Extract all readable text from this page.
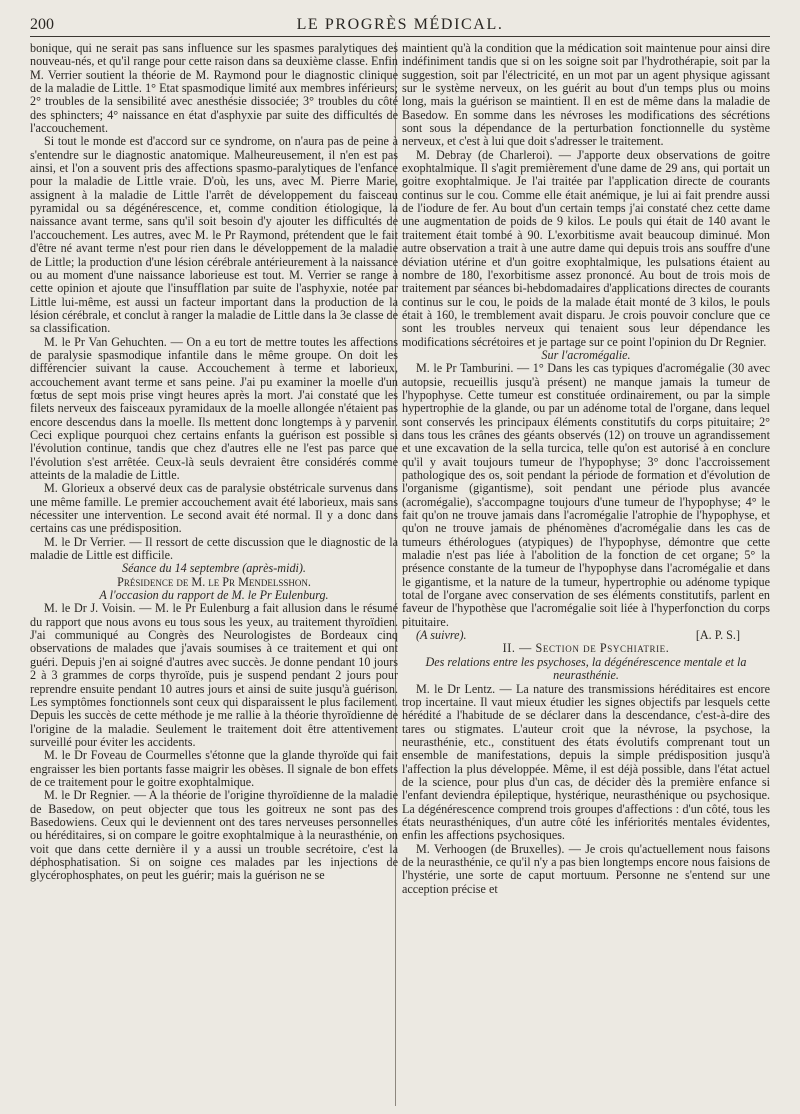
200	LE PROGRÈS MÉDICAL.

bonique, qui ne serait pas sans influence sur les spasmes paralytiques des nouveau-nés, et qu'il range pour cette raison dans sa deuxième classe. Enfin M. Verrier soutient la théorie de M. Raymond pour le diagnostic clinique de la maladie de Little. 1° Etat spasmodique limité aux membres inférieurs; 2° troubles de la sensibilité avec anesthésie dissociée; 3° troubles du côté des sphincters; 4° naissance en état d'asphyxie par suite des difficultés de l'accouchement.

Si tout le monde est d'accord sur ce syndrome, on n'aura pas de peine à s'entendre sur le diagnostic anatomique. Malheureusement, il n'en est pas ainsi, et l'on a souvent pris des affections spasmo-paralytiques de l'enfance pour la maladie de Little vraie. D'où, les uns, avec M. Pierre Marie, assignent à la maladie de Little l'arrêt de développement du faisceau pyramidal ou sa dégénérescence, et, comme condition étiologique, la naissance avant terme, sans qu'il soit besoin d'y ajouter les difficultés de l'accouchement. Les autres, avec M. le Pr Raymond, prétendent que le fait d'être né avant terme n'est pour rien dans le développement de la maladie de Little; la production d'une lésion cérébrale antérieurement à la naissance ou au moment d'une naissance laborieuse est tout. M. Verrier se range à cette opinion et ajoute que l'insufflation par suite de l'asphyxie, notée par Little lui-même, est aussi un facteur important dans la production de la lésion cérébrale, et conclut à ranger la maladie de Little dans la 3e classe de sa classification.

M. le Pr Van Gehuchten. — On a eu tort de mettre toutes les affections de paralysie spasmodique infantile dans le même groupe. On doit les différencier suivant la cause. Accouchement à terme et laborieux, accouchement avant terme et sans peine. J'ai pu examiner la moelle d'un fœtus de sept mois prise vingt heures après la mort. J'ai constaté que les filets nerveux des faisceaux pyramidaux de la moelle allongée n'étaient pas encore descendus dans la moelle. Ils mettent donc longtemps à y parvenir. Ceci explique pourquoi chez certains enfants la guérison est possible si l'évolution continue, tandis que chez d'autres elle ne l'est pas parce que l'évolution s'est arrêtée. Ceux-là seuls devraient être considérés comme atteints de la maladie de Little.

M. Glorieux a observé deux cas de paralysie obstétricale survenus dans une même famille. Le premier accouchement avait été laborieux, mais sans nécessiter une intervention. Le second avait été normal. Il y a donc dans certains cas une prédisposition.

M. le Dr Verrier. — Il ressort de cette discussion que le diagnostic de la maladie de Little est difficile.

Séance du 14 septembre (après-midi).

Présidence de M. le Pr Mendelsshon.

A l'occasion du rapport de M. le Pr Eulenburg.

M. le Dr J. Voisin. — M. le Pr Eulenburg a fait allusion dans le résumé du rapport que nous avons eu tous sous les yeux, au traitement thyroïdien. J'ai communiqué au Congrès des Neurologistes de Bordeaux cinq observations de malades que j'avais soumises à ce traitement et qui ont guéri. Depuis j'en ai soigné d'autres avec succès. Je donne pendant 10 jours 2 à 3 grammes de corps thyroïde, puis je suspend pendant 2 jours pour reprendre ensuite pendant 10 autres jours et ainsi de suite jusqu'à guérison. Les symptômes fonctionnels sont ceux qui disparaissent le plus facilement. Depuis les succès de cette méthode je me rallie à la théorie thyroïdienne de l'origine de la maladie. Seulement le traitement doit être attentivement surveillé pour éviter les accidents.

M. le Dr Foveau de Courmelles s'étonne que la glande thyroïde qui fait engraisser les bien portants fasse maigrir les obèses. Il signale de bon effets de ce traitement pour le goitre exophtalmique.

M. le Dr Regnier. — A la théorie de l'origine thyroïdienne de la maladie de Basedow, on peut objecter que tous les goitreux ne sont pas des Basedowiens. Ceux qui le deviennent ont des tares nerveuses personnelles ou héréditaires, si on compare le goitre exophtalmique à la neurasthénie, on voit que dans cette dernière il y a aussi un trouble secrétoire, c'est la déphosphatisation. Si on soigne ces malades par les injections de glycérophosphates, on peut les guérir; mais la guérison ne se

maintient qu'à la condition que la médication soit maintenue pour ainsi dire indéfiniment tandis que si on les soigne soit par l'hydrothérapie, soit par la suggestion, soit par l'électricité, en un mot par un agent physique agissant sur le système nerveux, on les guérit au bout d'un temps plus ou moins long, mais la guérison se maintient. Il en est de même dans la maladie de Basedow. En somme dans les névroses les modifications des sécrétions sont sous la dépendance de la perturbation fonctionnelle du système nerveux, et c'est à lui que doit s'adresser le traitement.

M. Debray (de Charleroi). — J'apporte deux observations de goitre exophtalmique. Il s'agit premièrement d'une dame de 29 ans, qui portait un goitre exophtalmique. Je l'ai traitée par l'application directe de courants continus sur le cou. Comme elle était anémique, je lui ai fait prendre aussi de l'iodure de fer. Au bout d'un certain temps j'ai constaté chez cette dame une augmentation de poids de 9 kilos. Le pouls qui était de 140 avant le traitement était tombé à 90. L'exorbitisme avait beaucoup diminué. Mon autre observation a trait à une autre dame qui depuis trois ans souffre d'une déviation utérine et d'un goitre exophtalmique, les pulsations étaient au nombre de 180, l'exorbitisme assez prononcé. Au bout de trois mois de traitement par séances bi-hebdomadaires d'applications directes de courants continus sur le cou, le poids de la malade était monté de 3 kilos, le pouls était à 160, le tremblement avait disparu. Je crois pouvoir conclure que ce sont les troubles nerveux qui tenaient sous leur dépendance les modifications sécrétoires et je partage sur ce point l'opinion du Dr Regnier.

Sur l'acromégalie.

M. le Pr Tamburini. — 1° Dans les cas typiques d'acromégalie (30 avec autopsie, recueillis jusqu'à présent) ne manque jamais la tumeur de l'hypophyse. Cette tumeur est constituée ordinairement, ou par la simple hypertrophie de la glande, ou par un adénome total de l'organe, dans lequel sont conservés les principaux éléments constitutifs du corps pituitaire; 2° dans tous les crânes des géants observés (12) on trouve un agrandissement et une excavation de la sella turcica, telle qu'on est autorisé à en conclure qu'il y avait toujours tumeur de l'hypophyse; 3° donc l'accroissement pathologique des os, soit pendant la période de formation et d'évolution de l'organisme (gigantisme), soit pendant une période plus avancée (acromégalie), s'accompagne toujours d'une tumeur de l'hypophyse; 4° le fait qu'on ne trouve jamais dans l'acromégalie l'atrophie de l'hypophyse, et qu'on ne trouve jamais de phénomènes d'acromégalie dans les cas de tumeurs éthérologues (atypiques) de l'hypophyse, démontre que cette maladie n'est pas liée à l'abolition de la fonction de cet organe; 5° la présence constante de la tumeur de l'hypophyse dans l'acromégalie et dans le gigantisme, et la nature de la tumeur, hypertrophie ou adénome typique total de l'organe avec conservation de ses éléments constitutifs, parlent en faveur de l'hypothèse que l'acromégalie soit liée à l'hyperfonction du corps pituitaire.

(A suivre).	[A. P. S.]

II. — Section de Psychiatrie.

Des relations entre les psychoses, la dégénérescence mentale et la neurasthénie.

M. le Dr Lentz. — La nature des transmissions héréditaires est encore trop incertaine. Il vaut mieux étudier les signes objectifs par lesquels cette hérédité a l'habitude de se déclarer dans la descendance, c'est-à-dire des tares ou stigmates. L'auteur croit que la névrose, la psychose, la neurasthénie, etc., constituent des états évolutifs comprenant tout un ensemble de manifestations, depuis la simple prédisposition jusqu'à l'affection la plus développée. Même, il est déjà possible, dans l'état actuel de la science, pour plus d'un cas, de décider dès la première enfance si l'enfant deviendra épileptique, hystérique, neurasthénique ou psychosique. La dégénérescence comprend trois groupes d'affections : d'un côté, tous les états neurasthéniques, d'un autre côté les infériorités mentales évidentes, enfin les affections psychosiques.

M. Verhoogen (de Bruxelles). — Je crois qu'actuellement nous faisons de la neurasthénie, ce qu'il n'y a pas bien longtemps encore nous faisions de l'hystérie, une sorte de caput mortuum. Personne ne s'entend sur une acception précise et
